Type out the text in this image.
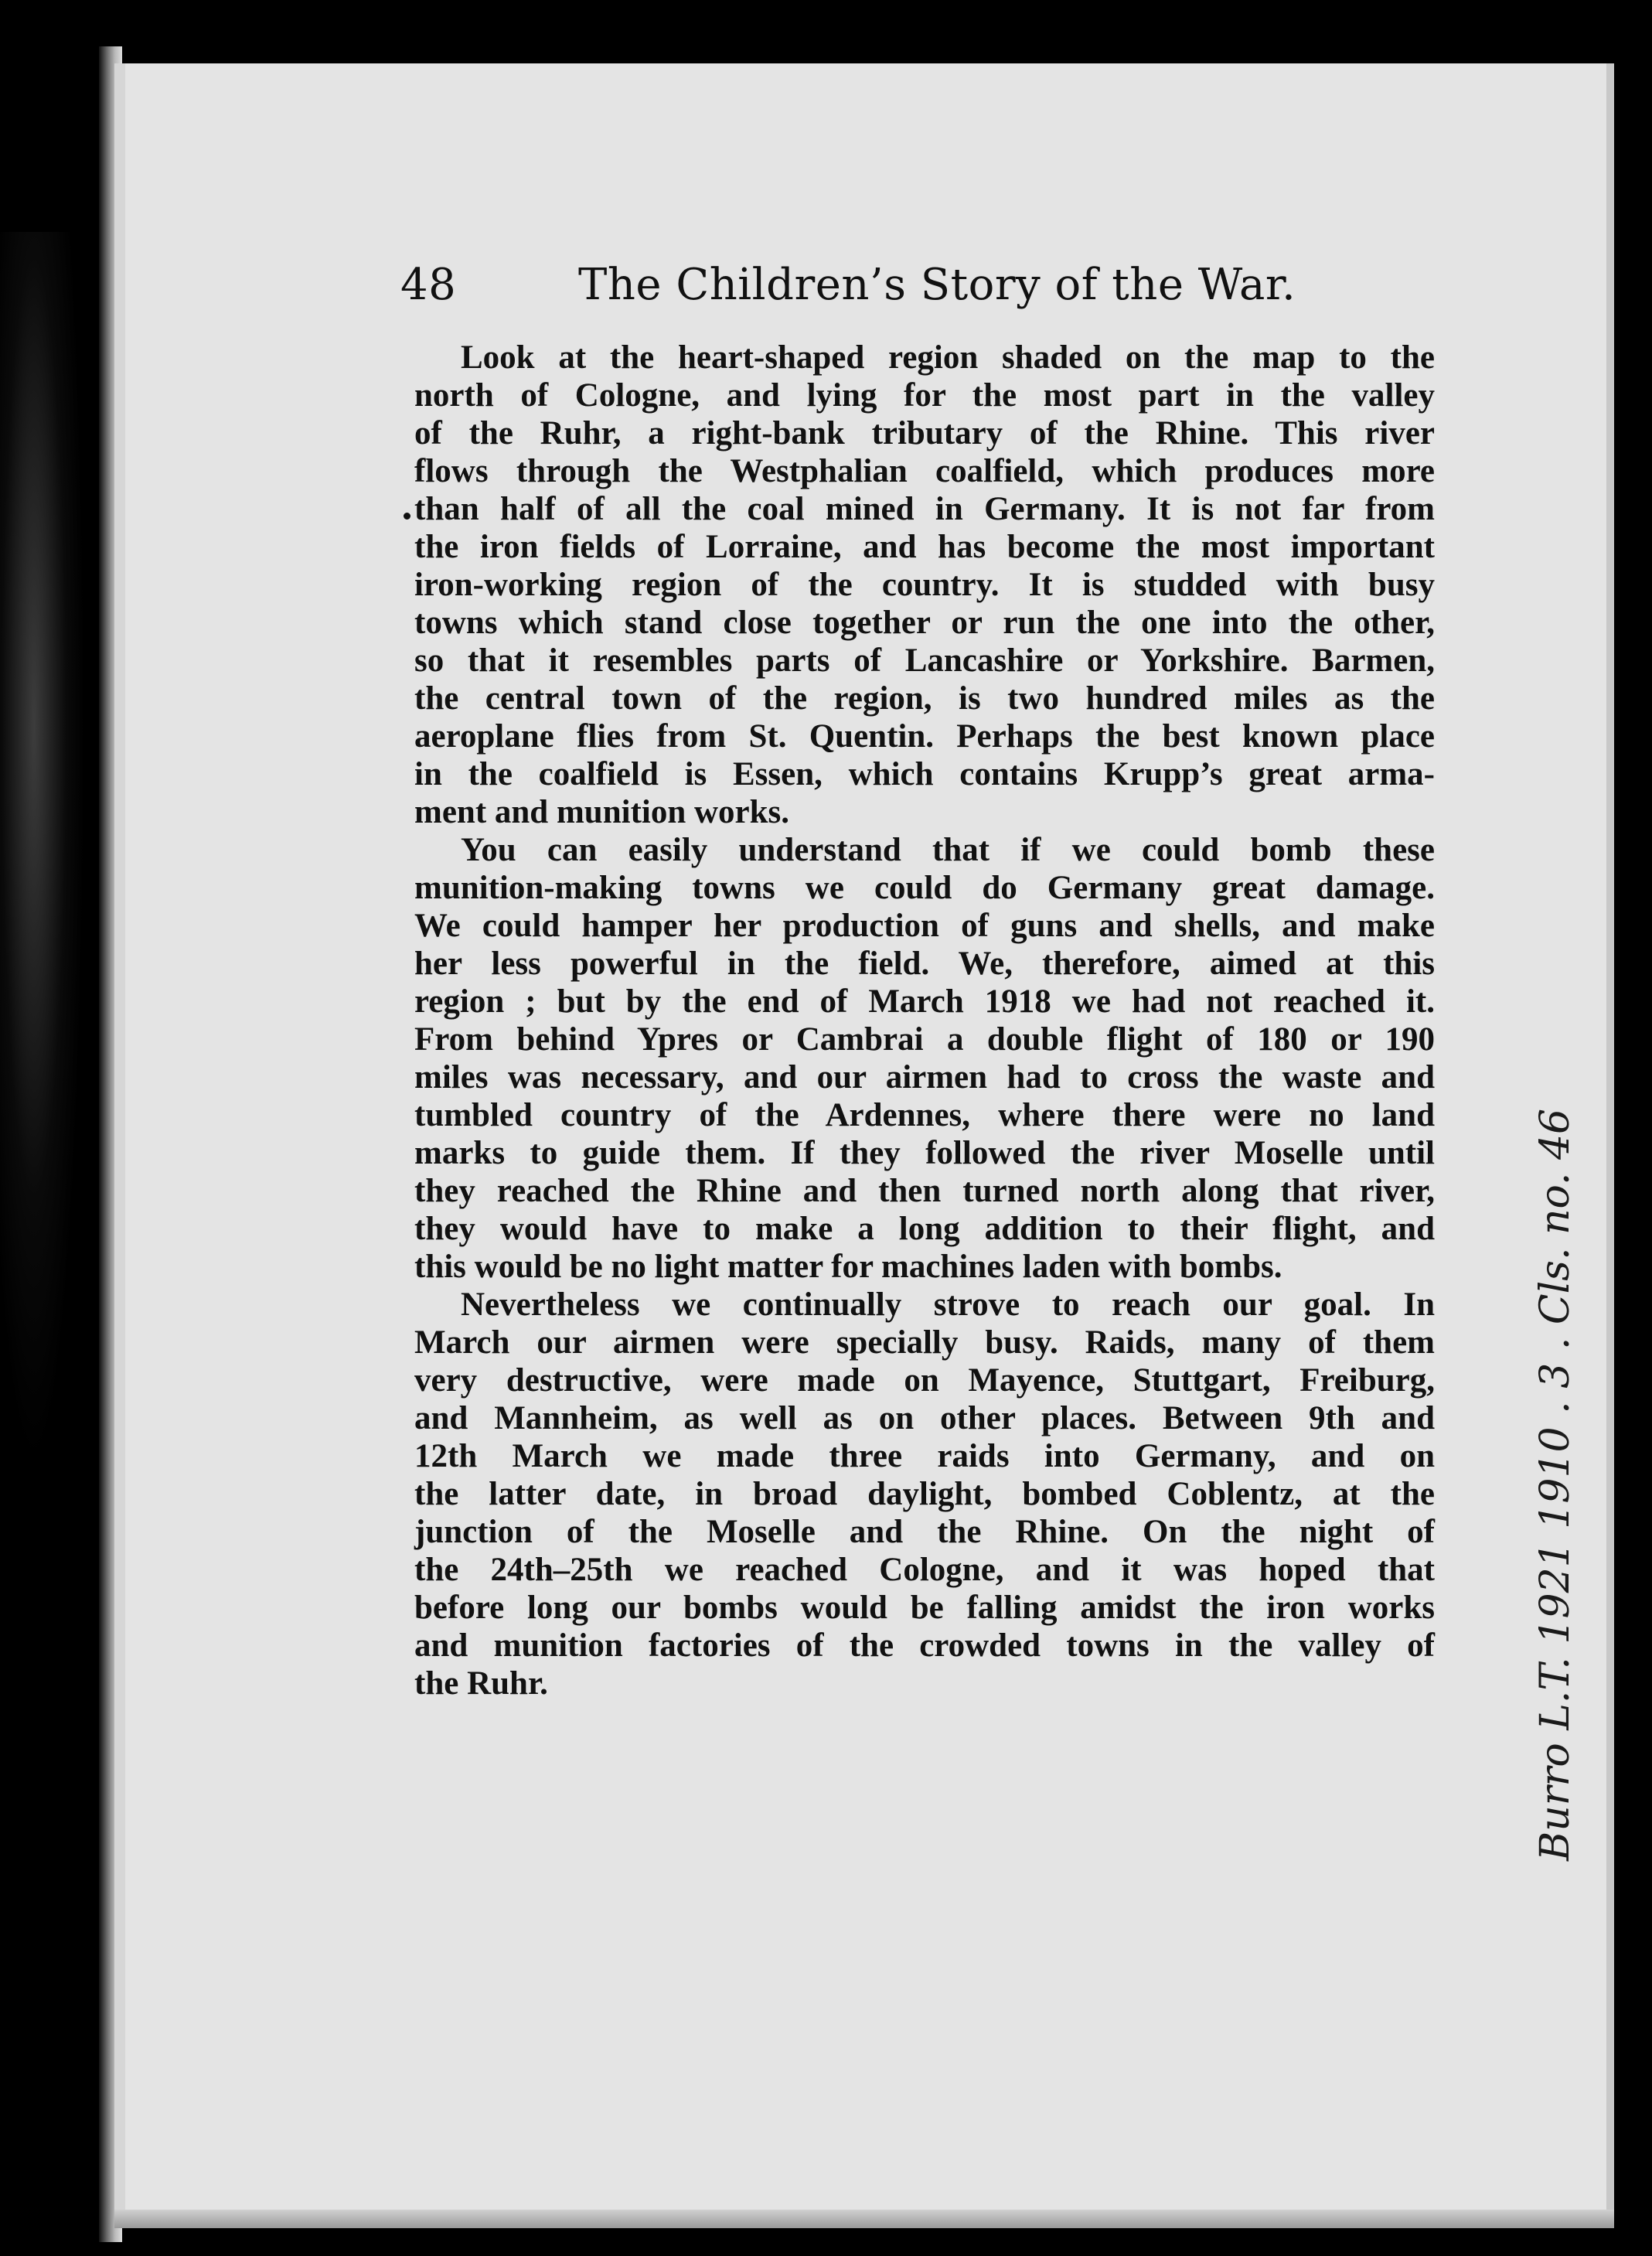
48	The Children’s Story of the War.

Look at the heart-shaped region shaded on the map to the
north of Cologne, and lying for the most part in the valley
of the Ruhr, a right-bank tributary of the Rhine. This river
flows through the Westphalian coalfield, which produces more
than half of all the coal mined in Germany. It is not far from
the iron fields of Lorraine, and has become the most important
iron-working region of the country. It is studded with busy
towns which stand close together or run the one into the other,
so that it resembles parts of Lancashire or Yorkshire. Barmen,
the central town of the region, is two hundred miles as the
aeroplane flies from St. Quentin. Perhaps the best known place
in the coalfield is Essen, which contains Krupp’s great arma-
ment and munition works.

You can easily understand that if we could bomb these
munition-making towns we could do Germany great damage.
We could hamper her production of guns and shells, and make
her less powerful in the field. We, therefore, aimed at this
region ; but by the end of March 1918 we had not reached it.
From behind Ypres or Cambrai a double flight of 180 or 190
miles was necessary, and our airmen had to cross the waste and
tumbled country of the Ardennes, where there were no land
marks to guide them. If they followed the river Moselle until
they reached the Rhine and then turned north along that river,
they would have to make a long addition to their flight, and
this would be no light matter for machines laden with bombs.

Nevertheless we continually strove to reach our goal. In
March our airmen were specially busy. Raids, many of them
very destructive, were made on Mayence, Stuttgart, Freiburg,
and Mannheim, as well as on other places. Between 9th and
12th March we made three raids into Germany, and on
the latter date, in broad daylight, bombed Coblentz, at the
junction of the Moselle and the Rhine. On the night of
the 24th–25th we reached Cologne, and it was hoped that
before long our bombs would be falling amidst the iron works
and munition factories of the crowded towns in the valley of
the Ruhr.	Burro L.T. 1921 1910 . 3 . Cls. no. 46
